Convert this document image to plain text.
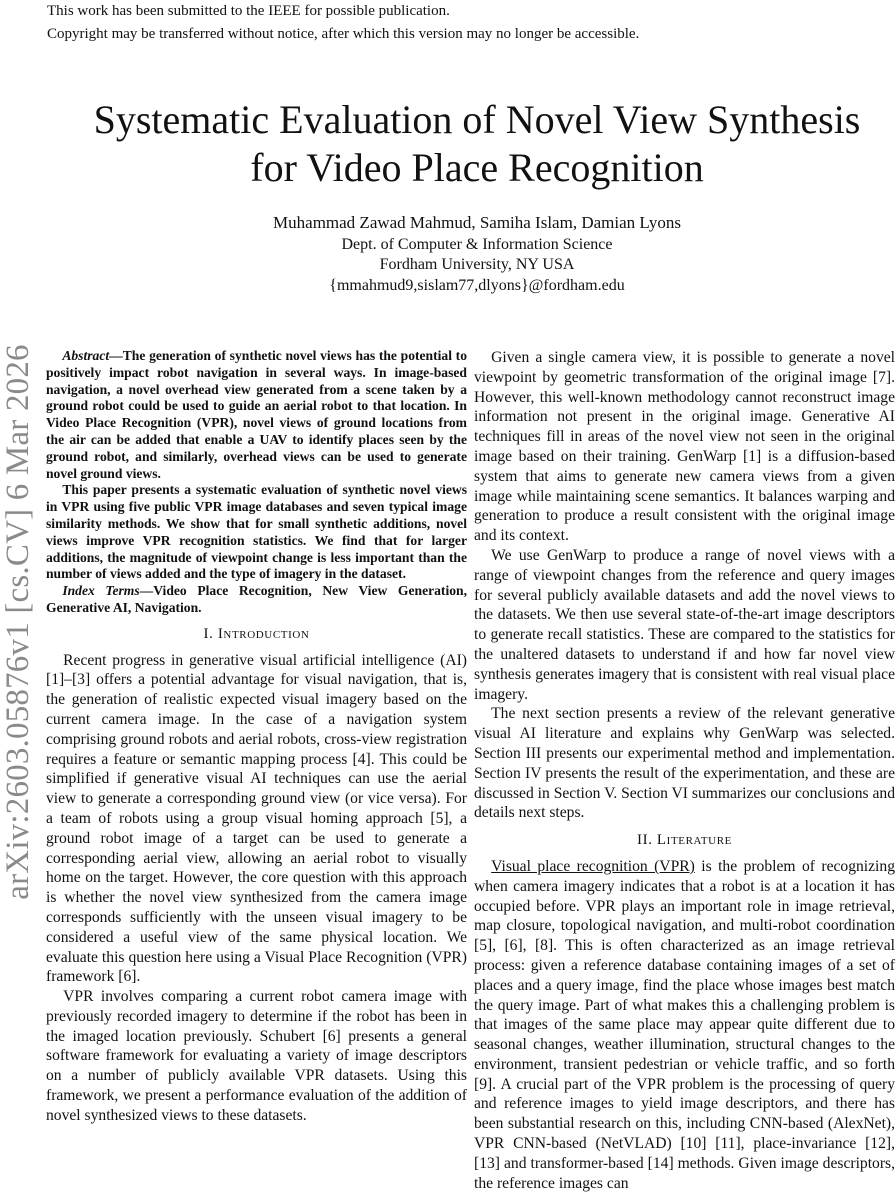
This work has been submitted to the IEEE for possible publication.
Copyright may be transferred without notice, after which this version may no longer be accessible.
arXiv:2603.05876v1 [cs.CV] 6 Mar 2026
Systematic Evaluation of Novel View Synthesis
for Video Place Recognition
Muhammad Zawad Mahmud, Samiha Islam, Damian Lyons
Dept. of Computer & Information Science
Fordham University, NY USA
{mmahmud9,sislam77,dlyons}@fordham.edu

Abstract—The generation of synthetic novel views has the potential to positively impact robot navigation in several ways. In image-based navigation, a novel overhead view generated from a scene taken by a ground robot could be used to guide an aerial robot to that location. In Video Place Recognition (VPR), novel views of ground locations from the air can be added that enable a UAV to identify places seen by the ground robot, and similarly, overhead views can be used to generate novel ground views.

This paper presents a systematic evaluation of synthetic novel views in VPR using five public VPR image databases and seven typical image similarity methods. We show that for small synthetic additions, novel views improve VPR recognition statistics. We find that for larger additions, the magnitude of viewpoint change is less important than the number of views added and the type of imagery in the dataset.

Index Terms—Video Place Recognition, New View Generation, Generative AI, Navigation.

I. Introduction

Recent progress in generative visual artificial intelligence (AI) [1]–[3] offers a potential advantage for visual navigation, that is, the generation of realistic expected visual imagery based on the current camera image. In the case of a navigation system comprising ground robots and aerial robots, cross-view registration requires a feature or semantic mapping process [4]. This could be simplified if generative visual AI techniques can use the aerial view to generate a corresponding ground view (or vice versa). For a team of robots using a group visual homing approach [5], a ground robot image of a target can be used to generate a corresponding aerial view, allowing an aerial robot to visually home on the target. However, the core question with this approach is whether the novel view synthesized from the camera image corresponds sufficiently with the unseen visual imagery to be considered a useful view of the same physical location. We evaluate this question here using a Visual Place Recognition (VPR) framework [6].

VPR involves comparing a current robot camera image with previously recorded imagery to determine if the robot has been in the imaged location previously. Schubert [6] presents a general software framework for evaluating a variety of image descriptors on a number of publicly available VPR datasets. Using this framework, we present a performance evaluation of the addition of novel synthesized views to these datasets.

Given a single camera view, it is possible to generate a novel viewpoint by geometric transformation of the original image [7]. However, this well-known methodology cannot reconstruct image information not present in the original image. Generative AI techniques fill in areas of the novel view not seen in the original image based on their training. GenWarp [1] is a diffusion-based system that aims to generate new camera views from a given image while maintaining scene semantics. It balances warping and generation to produce a result consistent with the original image and its context.

We use GenWarp to produce a range of novel views with a range of viewpoint changes from the reference and query images for several publicly available datasets and add the novel views to the datasets. We then use several state-of-the-art image descriptors to generate recall statistics. These are compared to the statistics for the unaltered datasets to understand if and how far novel view synthesis generates imagery that is consistent with real visual place imagery.

The next section presents a review of the relevant generative visual AI literature and explains why GenWarp was selected. Section III presents our experimental method and implementation. Section IV presents the result of the experimentation, and these are discussed in Section V. Section VI summarizes our conclusions and details next steps.

II. Literature

Visual place recognition (VPR) is the problem of recognizing when camera imagery indicates that a robot is at a location it has occupied before. VPR plays an important role in image retrieval, map closure, topological navigation, and multi-robot coordination [5], [6], [8]. This is often characterized as an image retrieval process: given a reference database containing images of a set of places and a query image, find the place whose images best match the query image. Part of what makes this a challenging problem is that images of the same place may appear quite different due to seasonal changes, weather illumination, structural changes to the environment, transient pedestrian or vehicle traffic, and so forth [9]. A crucial part of the VPR problem is the processing of query and reference images to yield image descriptors, and there has been substantial research on this, including CNN-based (AlexNet), VPR CNN-based (NetVLAD) [10] [11], place-invariance [12], [13] and transformer-based [14] methods. Given image descriptors, the reference images can
